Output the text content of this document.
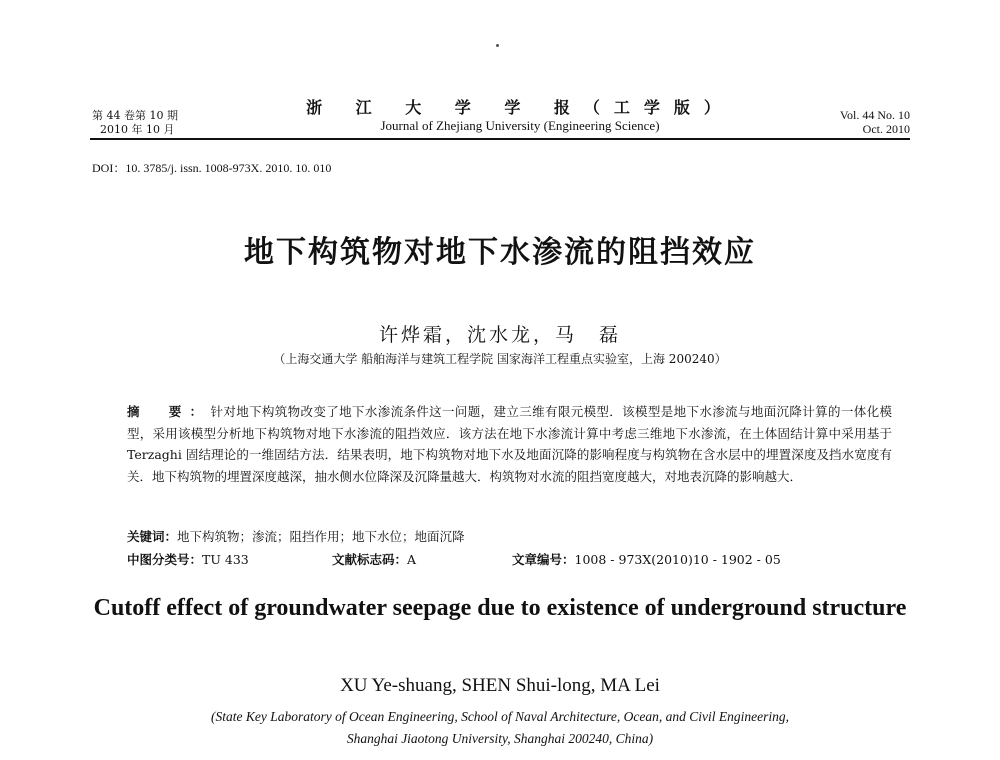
第 44 卷第 10 期
2010 年 10 月
浙 江 大 学 学 报（工学版）
Journal of Zhejiang University (Engineering Science)
Vol. 44 No. 10
Oct. 2010
DOI：10. 3785/j. issn. 1008-973X. 2010. 10. 010
地下构筑物对地下水渗流的阻挡效应
许烨霜，沈水龙，马　磊
（上海交通大学 船舶海洋与建筑工程学院 国家海洋工程重点实验室，上海 200240）
摘　要：针对地下构筑物改变了地下水渗流条件这一问题，建立三维有限元模型．该模型是地下水渗流与地面沉降计算的一体化模型，采用该模型分析地下构筑物对地下水渗流的阻挡效应．该方法在地下水渗流计算中考虑三维地下水渗流，在土体固结计算中采用基于 Terzaghi 固结理论的一维固结方法．结果表明，地下构筑物对地下水及地面沉降的影响程度与构筑物在含水层中的埋置深度及挡水宽度有关．地下构筑物的埋置深度越深，抽水侧水位降深及沉降量越大．构筑物对水流的阻挡宽度越大，对地表沉降的影响越大．
关键词：地下构筑物；渗流；阻挡作用；地下水位；地面沉降
中图分类号：TU 433	文献标志码：A	文章编号：1008 - 973X(2010)10 - 1902 - 05
Cutoff effect of groundwater seepage due to existence of underground structure
XU Ye-shuang, SHEN Shui-long, MA Lei
(State Key Laboratory of Ocean Engineering, School of Naval Architecture, Ocean, and Civil Engineering,
Shanghai Jiaotong University, Shanghai 200240, China)
